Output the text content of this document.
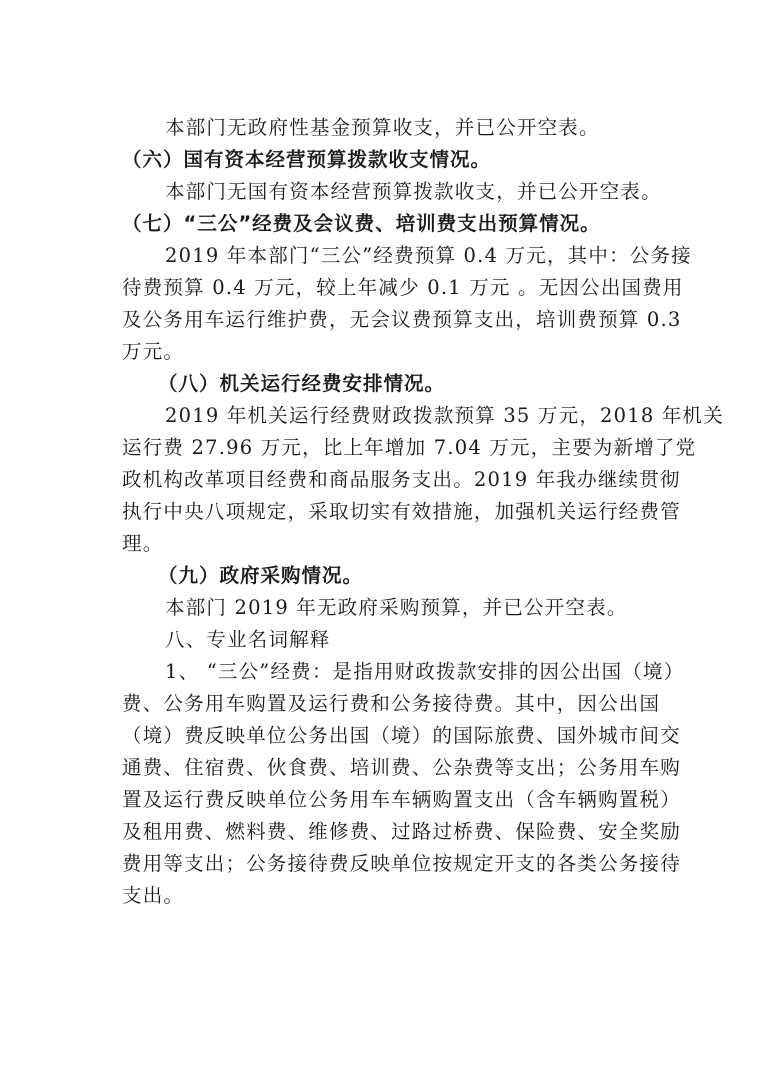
本部门无政府性基金预算收支，并已公开空表。
（六）国有资本经营预算拨款收支情况。
本部门无国有资本经营预算拨款收支，并已公开空表。
（七）“三公”经费及会议费、培训费支出预算情况。
2019 年本部门“三公”经费预算 0.4 万元，其中：公务接
待费预算 0.4 万元，较上年减少 0.1 万元 。无因公出国费用
及公务用车运行维护费，无会议费预算支出，培训费预算 0.3
万元。
（八）机关运行经费安排情况。
2019 年机关运行经费财政拨款预算 35 万元，2018 年机关
运行费 27.96 万元，比上年增加 7.04 万元，主要为新增了党
政机构改革项目经费和商品服务支出。2019 年我办继续贯彻
执行中央八项规定，采取切实有效措施，加强机关运行经费管
理。
（九）政府采购情况。
本部门 2019 年无政府采购预算，并已公开空表。
八、专业名词解释
1、 “三公”经费：是指用财政拨款安排的因公出国（境）
费、公务用车购置及运行费和公务接待费。其中，因公出国
（境）费反映单位公务出国（境）的国际旅费、国外城市间交
通费、住宿费、伙食费、培训费、公杂费等支出；公务用车购
置及运行费反映单位公务用车车辆购置支出（含车辆购置税）
及租用费、燃料费、维修费、过路过桥费、保险费、安全奖励
费用等支出；公务接待费反映单位按规定开支的各类公务接待
支出。
